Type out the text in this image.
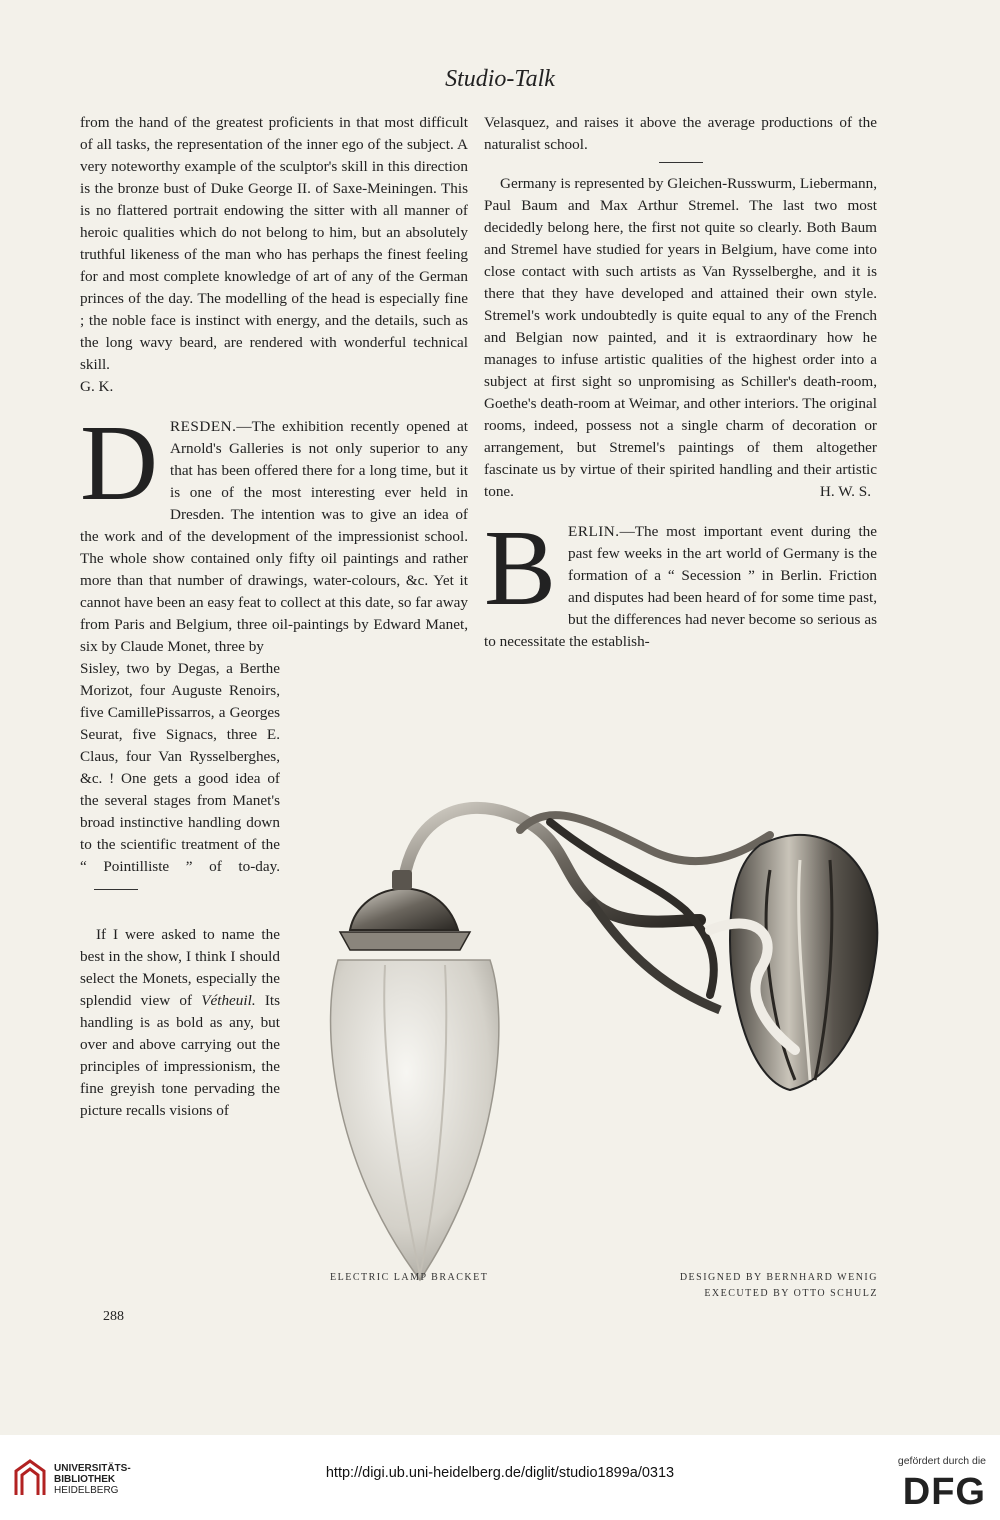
Studio-Talk

from the hand of the greatest proficients in that most difficult of all tasks, the representation of the inner ego of the subject. A very noteworthy example of the sculptor's skill in this direction is the bronze bust of Duke George II. of Saxe-Meiningen. This is no flattered portrait endowing the sitter with all manner of heroic qualities which do not belong to him, but an absolutely truthful likeness of the man who has perhaps the finest feeling for and most complete knowledge of art of any of the German princes of the day. The modelling of the head is especially fine ; the noble face is instinct with energy, and the details, such as the long wavy beard, are rendered with wonderful technical skill.

G. K.

DRESDEN.—The exhibition recently opened at Arnold's Galleries is not only superior to any that has been offered there for a long time, but it is one of the most interesting ever held in Dresden. The intention was to give an idea of the work and of the development of the impressionist school. The whole show contained only fifty oil paintings and rather more than that number of drawings, water-colours, &c. Yet it cannot have been an easy feat to collect at this date, so far away from Paris and Belgium, three oil-paintings by Edward Manet, six by Claude Monet, three by

Sisley, two by Degas, a Berthe Morizot, four Auguste Renoirs, five CamillePissarros, a Georges Seurat, five Signacs, three E. Claus, four Van Rysselberghes, &c. ! One gets a good idea of the several stages from Manet's broad instinctive handling down to the scientific treatment of the “ Pointilliste ” of to-day.

If I were asked to name the best in the show, I think I should select the Monets, especially the splendid view of Vétheuil. Its handling is as bold as any, but over and above carrying out the principles of impressionism, the fine greyish tone pervading the picture recalls visions of

Velasquez, and raises it above the average productions of the naturalist school.

Germany is represented by Gleichen-Russwurm, Liebermann, Paul Baum and Max Arthur Stremel. The last two most decidedly belong here, the first not quite so clearly. Both Baum and Stremel have studied for years in Belgium, have come into close contact with such artists as Van Rysselberghe, and it is there that they have developed and attained their own style. Stremel's work undoubtedly is quite equal to any of the French and Belgian now painted, and it is extraordinary how he manages to infuse artistic qualities of the highest order into a subject at first sight so unpromising as Schiller's death-room, Goethe's death-room at Weimar, and other interiors. The original rooms, indeed, possess not a single charm of decoration or arrangement, but Stremel's paintings of them altogether fascinate us by virtue of their spirited handling and their artistic tone.	H. W. S.

BERLIN.—The most important event during the past few weeks in the art world of Germany is the formation of a “ Secession ” in Berlin. Friction and disputes had been heard of for some time past, but the differences had never become so serious as to necessitate the establish-

ELECTRIC LAMP BRACKET	DESIGNED BY BERNHARD WENIG
EXECUTED BY OTTO SCHULZ
288
UNIVERSITÄTS-
BIBLIOTHEK
HEIDELBERG
http://digi.ub.uni-heidelberg.de/diglit/studio1899a/0313
gefördert durch die
DFG
